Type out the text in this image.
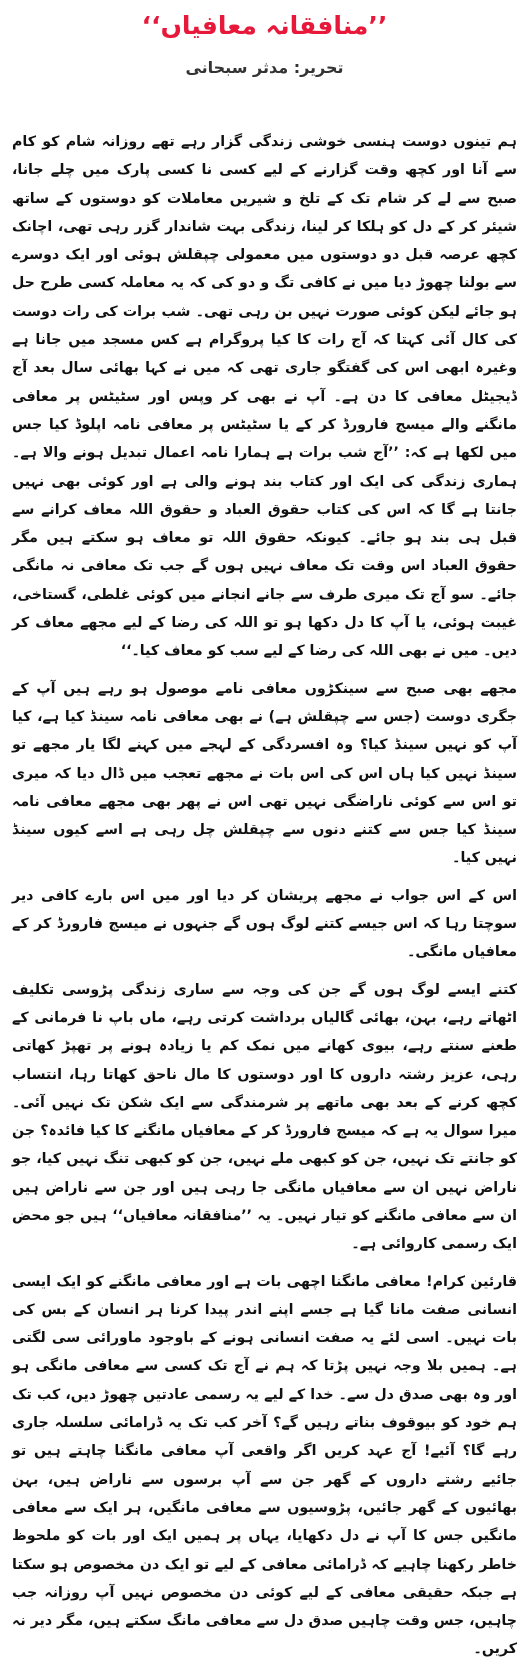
’’منافقانہ معافیاں‘‘
تحریر: مدثر سبحانی

ہم تینوں دوست ہنسی خوشی زندگی گزار رہے تھے روزانہ شام کو کام سے آنا اور کچھ وقت گزارنے کے لیے کسی نا کسی پارک میں چلے جانا، صبح سے لے کر شام تک کے تلخ و شیریں معاملات کو دوستوں کے ساتھ شیئر کر کے دل کو ہلکا کر لینا، زندگی بہت شاندار گزر رہی تھی، اچانک کچھ عرصہ قبل دو دوستوں میں معمولی چپقلش ہوئی اور ایک دوسرے سے بولنا چھوڑ دیا میں نے کافی تگ و دو کی کہ یہ معاملہ کسی طرح حل ہو جائے لیکن کوئی صورت نہیں بن رہی تھی۔ شب برات کی رات دوست کی کال آئی کہتا کہ آج رات کا کیا پروگرام ہے کس مسجد میں جانا ہے وغیرہ ابھی اس کی گفتگو جاری تھی کہ میں نے کہا بھائی سال بعد آج ڈیجیٹل معافی کا دن ہے۔ آپ نے بھی کر وپس اور سٹیٹس پر معافی مانگنے والے میسج فارورڈ کر کے یا سٹیٹس پر معافی نامہ اپلوڈ کیا جس میں لکھا ہے کہ: ’’آج شب برات ہے ہمارا نامہ اعمال تبدیل ہونے والا ہے۔ ہماری زندگی کی ایک اور کتاب بند ہونے والی ہے اور کوئی بھی نہیں جانتا ہے گا کہ اس کی کتاب حقوق العباد و حقوق اللہ معاف کرانے سے قبل ہی بند ہو جائے۔ کیونکہ حقوق اللہ تو معاف ہو سکتے ہیں مگر حقوق العباد اس وقت تک معاف نہیں ہوں گے جب تک معافی نہ مانگی جائے۔ سو آج تک میری طرف سے جانے انجانے میں کوئی غلطی، گستاخی، غیبت ہوئی، یا آپ کا دل دکھا ہو تو اللہ کی رضا کے لیے مجھے معاف کر دیں۔ میں نے بھی اللہ کی رضا کے لیے سب کو معاف کیا۔‘‘

مجھے بھی صبح سے سینکڑوں معافی نامے موصول ہو رہے ہیں آپ کے جگری دوست (جس سے چپقلش ہے) نے بھی معافی نامہ سینڈ کیا ہے، کیا آپ کو نہیں سینڈ کیا؟ وہ افسردگی کے لہجے میں کہنے لگا یار مجھے تو سینڈ نہیں کیا ہاں اس کی اس بات نے مجھے تعجب میں ڈال دیا کہ میری تو اس سے کوئی ناراضگی نہیں تھی اس نے پھر بھی مجھے معافی نامہ سینڈ کیا جس سے کتنے دنوں سے چپقلش چل رہی ہے اسے کیوں سینڈ نہیں کیا۔

اس کے اس جواب نے مجھے پریشان کر دیا اور میں اس بارے کافی دیر سوچتا رہا کہ اس جیسے کتنے لوگ ہوں گے جنہوں نے میسج فارورڈ کر کے معافیاں مانگی۔

کتنے ایسے لوگ ہوں گے جن کی وجہ سے ساری زندگی پڑوسی تکلیف اٹھاتے رہے، بہن، بھائی گالیاں برداشت کرتی رہے، ماں باپ نا فرمانی کے طعنے سنتے رہے، بیوی کھانے میں نمک کم یا زیادہ ہونے پر تھپڑ کھاتی رہی، عزیز رشتہ داروں کا اور دوستوں کا مال ناحق کھاتا رہا، انتساب کچھ کرنے کے بعد بھی ماتھے پر شرمندگی سے ایک شکن تک نہیں آئی۔ میرا سوال یہ ہے کہ میسج فارورڈ کر کے معافیاں مانگنے کا کیا فائدہ؟ جن کو جانتے تک نہیں، جن کو کبھی ملے نہیں، جن کو کبھی تنگ نہیں کیا، جو ناراض نہیں ان سے معافیاں مانگی جا رہی ہیں اور جن سے ناراض ہیں ان سے معافی مانگنے کو تیار نہیں۔ یہ ’’منافقانہ معافیاں‘‘ ہیں جو محض ایک رسمی کاروائی ہے۔

قارئین کرام! معافی مانگنا اچھی بات ہے اور معافی مانگنے کو ایک ایسی انسانی صفت مانا گیا ہے جسے اپنے اندر پیدا کرنا ہر انسان کے بس کی بات نہیں۔ اسی لئے یہ صفت انسانی ہونے کے باوجود ماورائی سی لگتی ہے۔ ہمیں بلا وجہ نہیں پڑتا کہ ہم نے آج تک کسی سے معافی مانگی ہو اور وہ بھی صدق دل سے۔ خدا کے لیے یہ رسمی عادتیں چھوڑ دیں، کب تک ہم خود کو بیوقوف بناتے رہیں گے؟ آخر کب تک یہ ڈرامائی سلسلہ جاری رہے گا؟ آئیے! آج عہد کریں اگر واقعی آپ معافی مانگنا چاہتے ہیں تو جائیے رشتے داروں کے گھر جن سے آپ برسوں سے ناراض ہیں، بہن بھائیوں کے گھر جائیں، پڑوسیوں سے معافی مانگیں، ہر ایک سے معافی مانگیں جس کا آپ نے دل دکھایا، یہاں پر ہمیں ایک اور بات کو ملحوظ خاطر رکھنا چاہیے کہ ڈرامائی معافی کے لیے تو ایک دن مخصوص ہو سکتا ہے جبکہ حقیقی معافی کے لیے کوئی دن مخصوص نہیں آپ روزانہ جب چاہیں، جس وقت چاہیں صدق دل سے معافی مانگ سکتے ہیں، مگر دیر نہ کریں۔
